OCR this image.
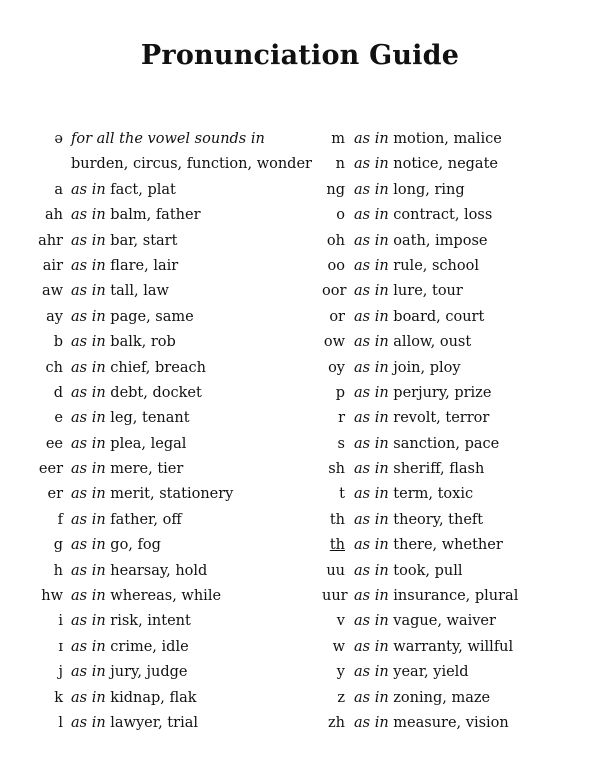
Pronunciation Guide
ə for all the vowel sounds in
burden, circus, function, wonder
a as in fact, plat
ah as in balm, father
ahr as in bar, start
air as in flare, lair
aw as in tall, law
ay as in page, same
b as in balk, rob
ch as in chief, breach
d as in debt, docket
e as in leg, tenant
ee as in plea, legal
eer as in mere, tier
er as in merit, stationery
f as in father, off
g as in go, fog
h as in hearsay, hold
hw as in whereas, while
i as in risk, intent
ɪ as in crime, idle
j as in jury, judge
k as in kidnap, flak
l as in lawyer, trial
m as in motion, malice
n as in notice, negate
ng as in long, ring
o as in contract, loss
oh as in oath, impose
oo as in rule, school
oor as in lure, tour
or as in board, court
ow as in allow, oust
oy as in join, ploy
p as in perjury, prize
r as in revolt, terror
s as in sanction, pace
sh as in sheriff, flash
t as in term, toxic
th as in theory, theft
th as in there, whether
uu as in took, pull
uur as in insurance, plural
v as in vague, waiver
w as in warranty, willful
y as in year, yield
z as in zoning, maze
zh as in measure, vision
